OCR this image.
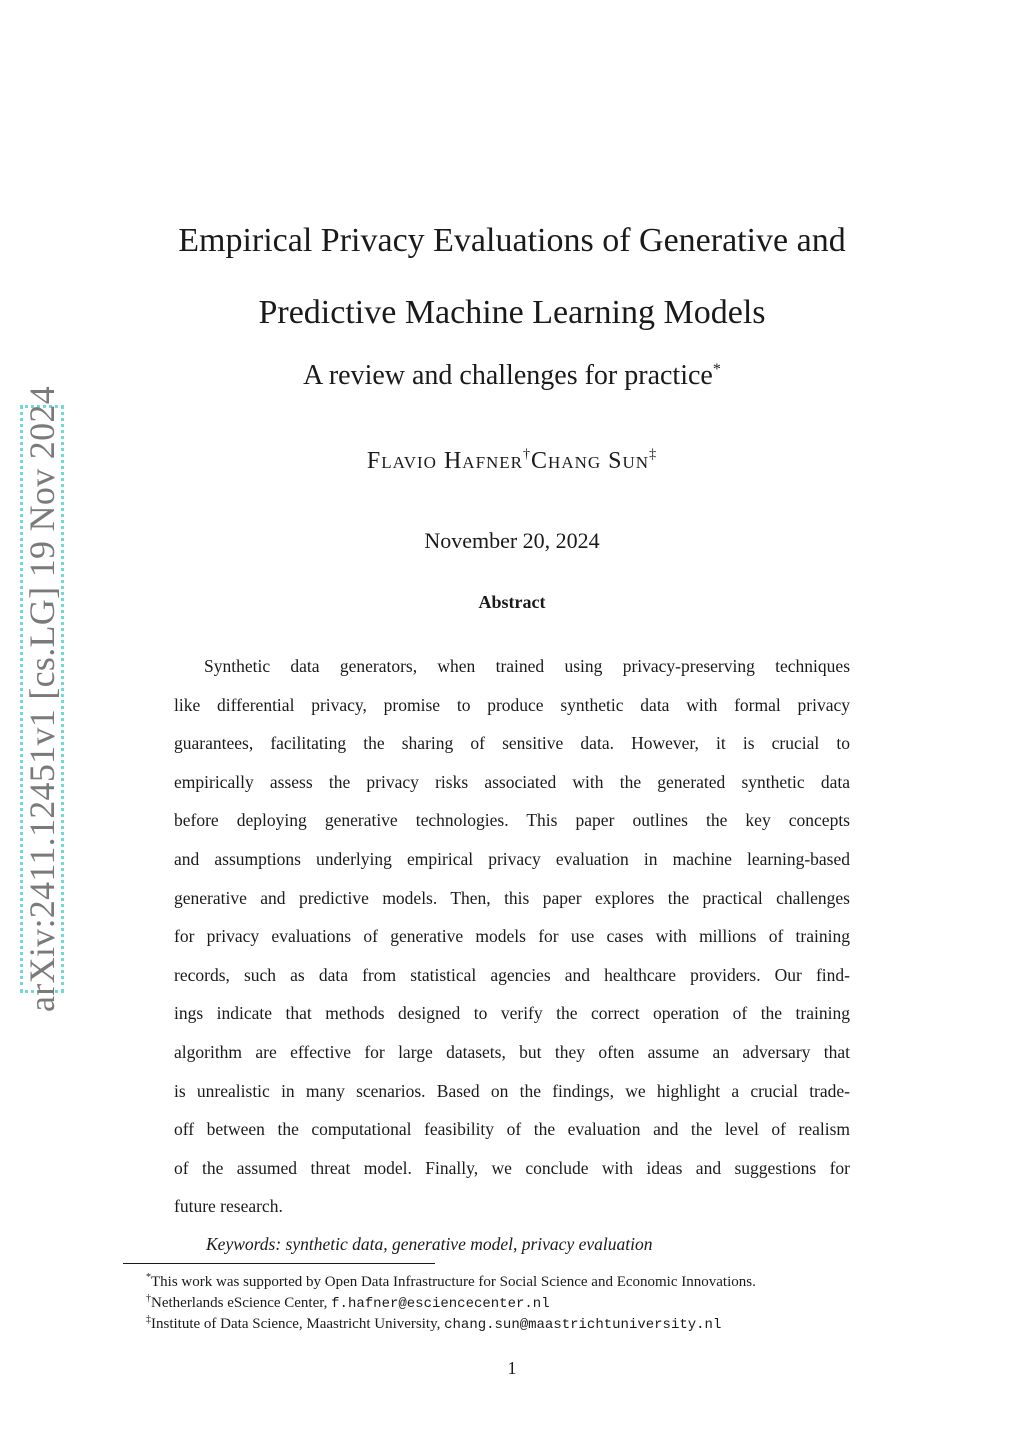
arXiv:2411.12451v1 [cs.LG] 19 Nov 2024
Empirical Privacy Evaluations of Generative and
Predictive Machine Learning Models
A review and challenges for practice*
Flavio Hafner†Chang Sun‡
November 20, 2024
Abstract
Synthetic data generators, when trained using privacy-preserving techniques
like differential privacy, promise to produce synthetic data with formal privacy
guarantees, facilitating the sharing of sensitive data. However, it is crucial to
empirically assess the privacy risks associated with the generated synthetic data
before deploying generative technologies. This paper outlines the key concepts
and assumptions underlying empirical privacy evaluation in machine learning-based
generative and predictive models. Then, this paper explores the practical challenges
for privacy evaluations of generative models for use cases with millions of training
records, such as data from statistical agencies and healthcare providers. Our find-
ings indicate that methods designed to verify the correct operation of the training
algorithm are effective for large datasets, but they often assume an adversary that
is unrealistic in many scenarios. Based on the findings, we highlight a crucial trade-
off between the computational feasibility of the evaluation and the level of realism
of the assumed threat model. Finally, we conclude with ideas and suggestions for
future research.
Keywords: synthetic data, generative model, privacy evaluation
*This work was supported by Open Data Infrastructure for Social Science and Economic Innovations.
†Netherlands eScience Center, f.hafner@esciencecenter.nl
‡Institute of Data Science, Maastricht University, chang.sun@maastrichtuniversity.nl
1
